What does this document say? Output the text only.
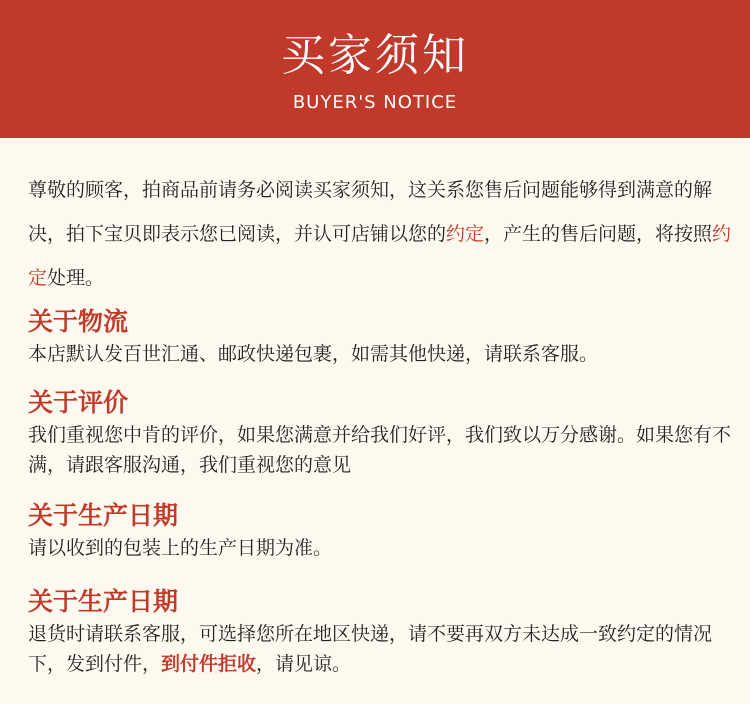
买家须知
BUYER'S NOTICE
尊敬的顾客，拍商品前请务必阅读买家须知，这关系您售后问题能够得到满意的解决，拍下宝贝即表示您已阅读，并认可店铺以您的约定，产生的售后问题，将按照约定处理。
关于物流
本店默认发百世汇通、邮政快递包裹，如需其他快递，请联系客服。
关于评价
我们重视您中肯的评价，如果您满意并给我们好评，我们致以万分感谢。如果您有不满，请跟客服沟通，我们重视您的意见
关于生产日期
请以收到的包装上的生产日期为准。
关于生产日期
退货时请联系客服，可选择您所在地区快递，请不要再双方未达成一致约定的情况下，发到付件，到付件拒收，请见谅。
